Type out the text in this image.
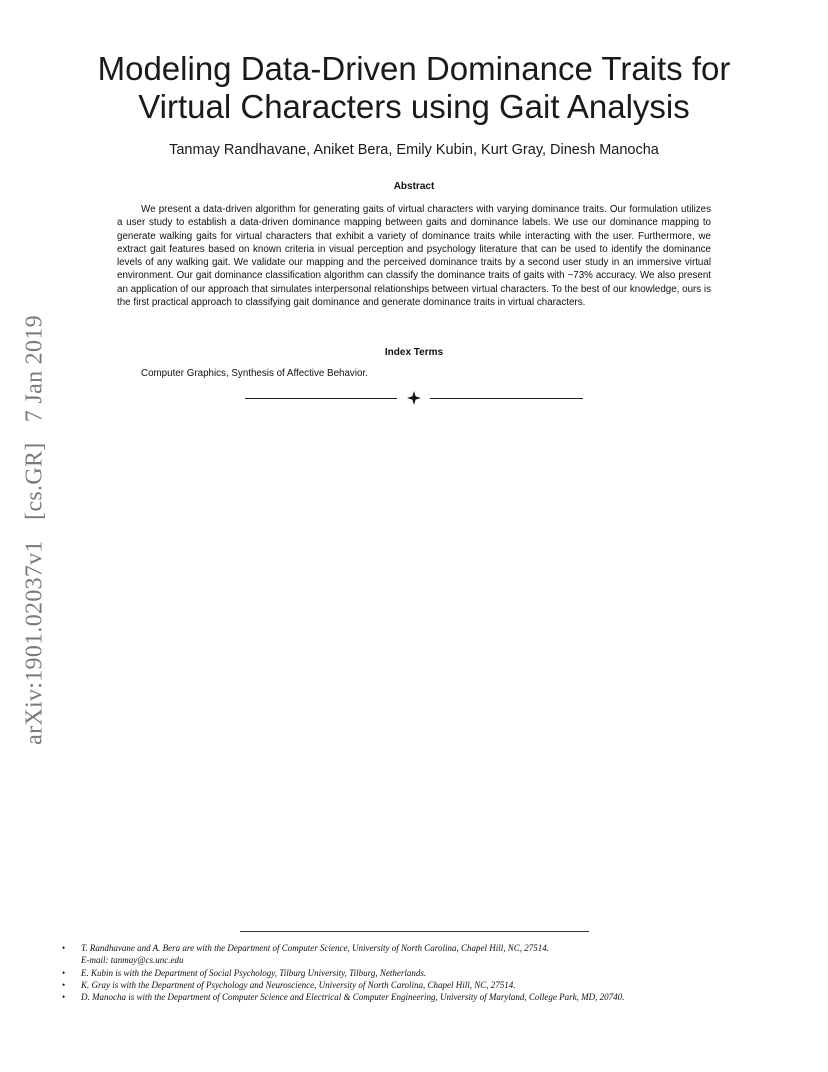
Modeling Data-Driven Dominance Traits for
Virtual Characters using Gait Analysis
Tanmay Randhavane, Aniket Bera, Emily Kubin, Kurt Gray, Dinesh Manocha
Abstract
We present a data-driven algorithm for generating gaits of virtual characters with varying dominance traits. Our formulation utilizes a user study to establish a data-driven dominance mapping between gaits and dominance labels. We use our dominance mapping to generate walking gaits for virtual characters that exhibit a variety of dominance traits while interacting with the user. Furthermore, we extract gait features based on known criteria in visual perception and psychology literature that can be used to identify the dominance levels of any walking gait. We validate our mapping and the perceived dominance traits by a second user study in an immersive virtual environment. Our gait dominance classification algorithm can classify the dominance traits of gaits with ~73% accuracy. We also present an application of our approach that simulates interpersonal relationships between virtual characters. To the best of our knowledge, ours is the first practical approach to classifying gait dominance and generate dominance traits in virtual characters.
Index Terms
Computer Graphics, Synthesis of Affective Behavior.
arXiv:1901.02037v1 [cs.GR] 7 Jan 2019
• T. Randhavane and A. Bera are with the Department of Computer Science, University of North Carolina, Chapel Hill, NC, 27514.
E-mail: tanmay@cs.unc.edu
• E. Kubin is with the Department of Social Psychology, Tilburg University, Tilburg, Netherlands.
• K. Gray is with the Department of Psychology and Neuroscience, University of North Carolina, Chapel Hill, NC, 27514.
• D. Manocha is with the Department of Computer Science and Electrical & Computer Engineering, University of Maryland, College Park, MD, 20740.
